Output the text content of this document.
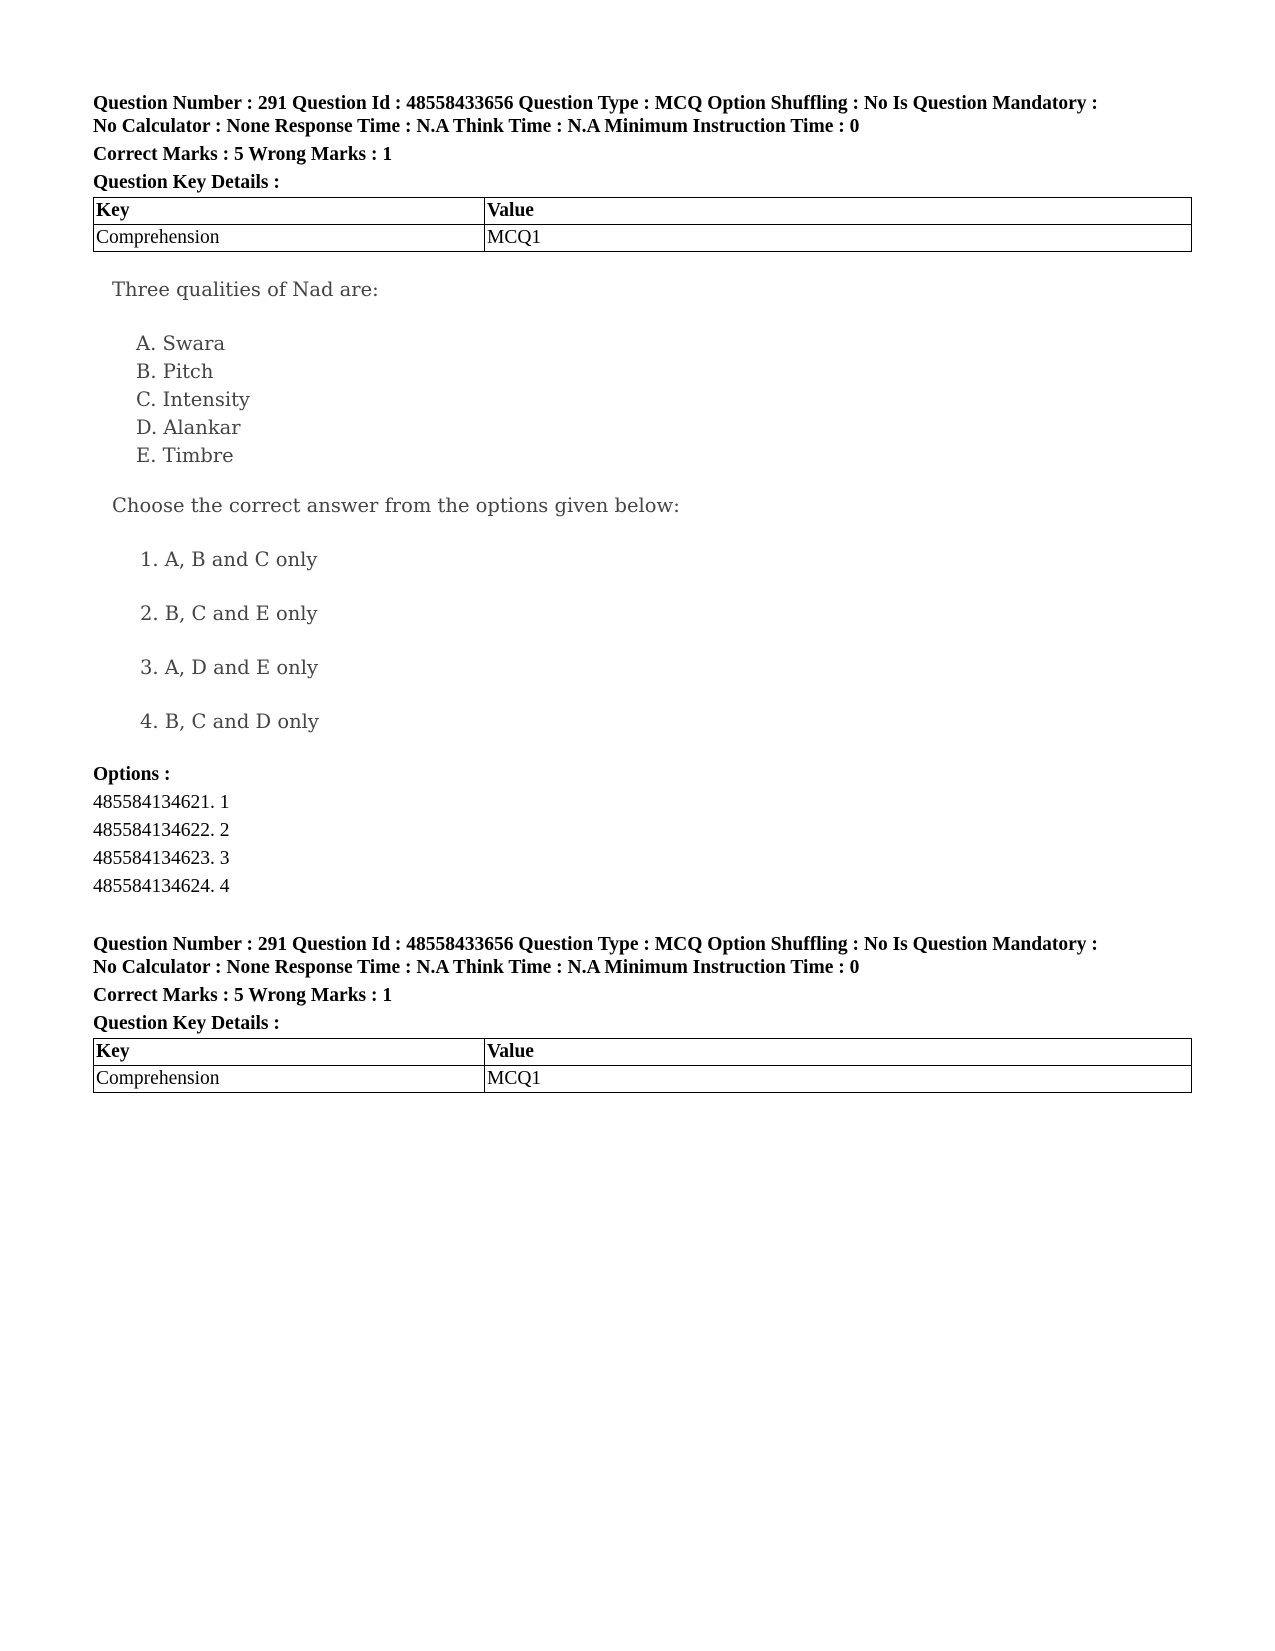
Question Number : 291 Question Id : 48558433656 Question Type : MCQ Option Shuffling : No Is Question Mandatory :
No Calculator : None Response Time : N.A Think Time : N.A Minimum Instruction Time : 0

Correct Marks : 5 Wrong Marks : 1

Question Key Details :

Key	Value
Comprehension	MCQ1
Three qualities of Nad are:
A. Swara
B. Pitch
C. Intensity
D. Alankar
E. Timbre
Choose the correct answer from the options given below:
1. A, B and C only
2. B, C and E only
3. A, D and E only
4. B, C and D only
Options :
485584134621. 1
485584134622. 2
485584134623. 3
485584134624. 4

Question Number : 291 Question Id : 48558433656 Question Type : MCQ Option Shuffling : No Is Question Mandatory :
No Calculator : None Response Time : N.A Think Time : N.A Minimum Instruction Time : 0

Correct Marks : 5 Wrong Marks : 1

Question Key Details :

Key	Value
Comprehension	MCQ1
